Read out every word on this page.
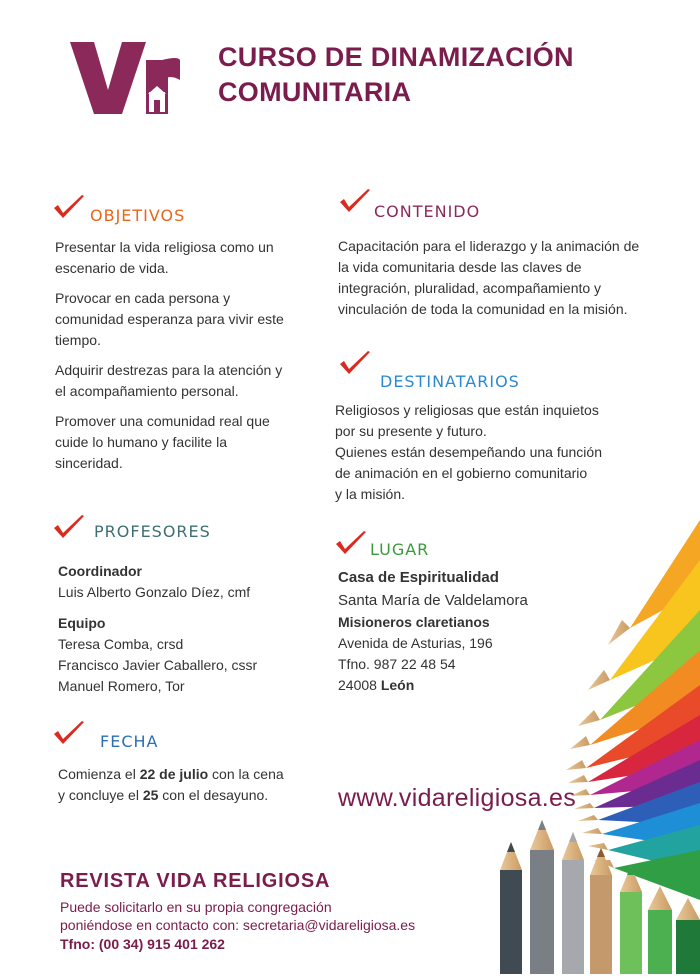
CURSO DE DINAMIZACIÓN
COMUNITARIA
OBJETIVOS

Presentar la vida religiosa como un escenario de vida.

Provocar en cada persona y comunidad esperanza para vivir este tiempo.

Adquirir destrezas para la atención y el acompañamiento personal.

Promover una comunidad real que cuide lo humano y facilite la sinceridad.

CONTENIDO
Capacitación para el liderazgo y la animación de la vida comunitaria desde las claves de integración, pluralidad, acompañamiento y vinculación de toda la comunidad en la misión.
DESTINATARIOS
Religiosos y religiosas que están inquietos
por su presente y futuro.
Quienes están desempeñando una función
de animación en el gobierno comunitario
y la misión.
PROFESORES
Coordinador
Luis Alberto Gonzalo Díez, cmf
Equipo
Teresa Comba, crsd
Francisco Javier Caballero, cssr
Manuel Romero, Tor
LUGAR
Casa de Espiritualidad
Santa María de Valdelamora
Misioneros claretianos
Avenida de Asturias, 196
Tfno. 987 22 48 54
24008 León
FECHA
Comienza el 22 de julio con la cena
y concluye el 25 con el desayuno.	www.vidareligiosa.es
REVISTA VIDA RELIGIOSA
Puede solicitarlo en su propia congregación
poniéndose en contacto con: secretaria@vidareligiosa.es
Tfno: (00 34) 915 401 262
